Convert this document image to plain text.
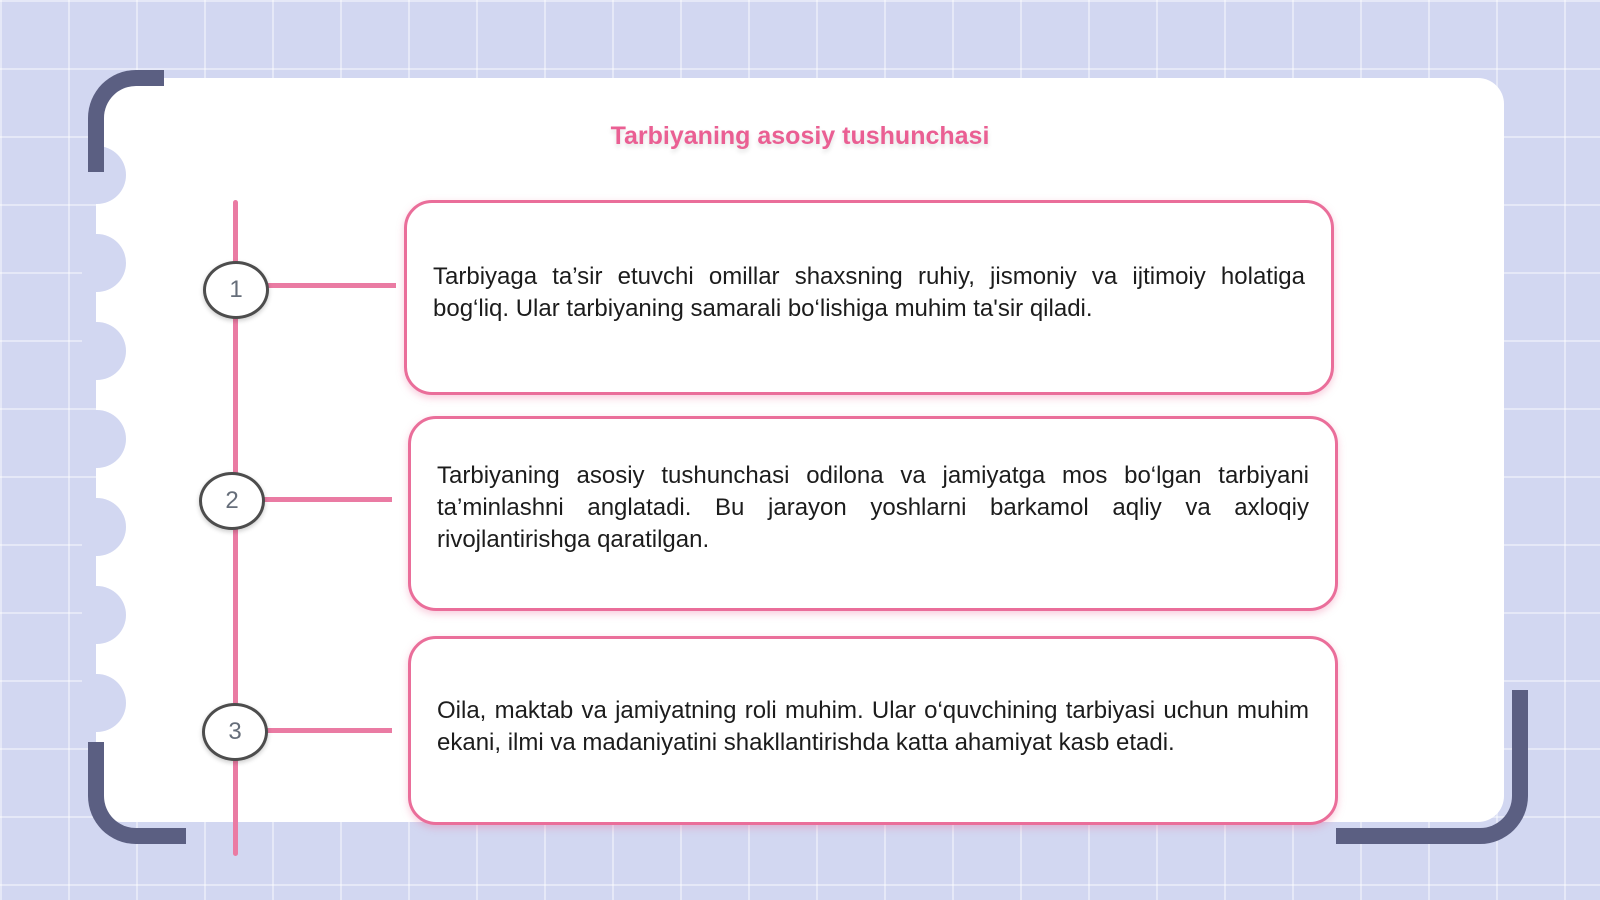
Tarbiyaning asosiy tushunchasi
1
2
3
Tarbiyaga ta’sir etuvchi omillar shaxsning ruhiy, jismoniy va ijtimoiy holatiga bog‘liq. Ular tarbiyaning samarali bo‘lishiga muhim ta'sir qiladi.
Tarbiyaning asosiy tushunchasi odilona va jamiyatga mos bo‘lgan tarbiyani ta’minlashni anglatadi. Bu jarayon yoshlarni barkamol aqliy va axloqiy rivojlantirishga qaratilgan.
Oila, maktab va jamiyatning roli muhim. Ular o‘quvchining tarbiyasi uchun muhim ekani, ilmi va madaniyatini shakllantirishda katta ahamiyat kasb etadi.
